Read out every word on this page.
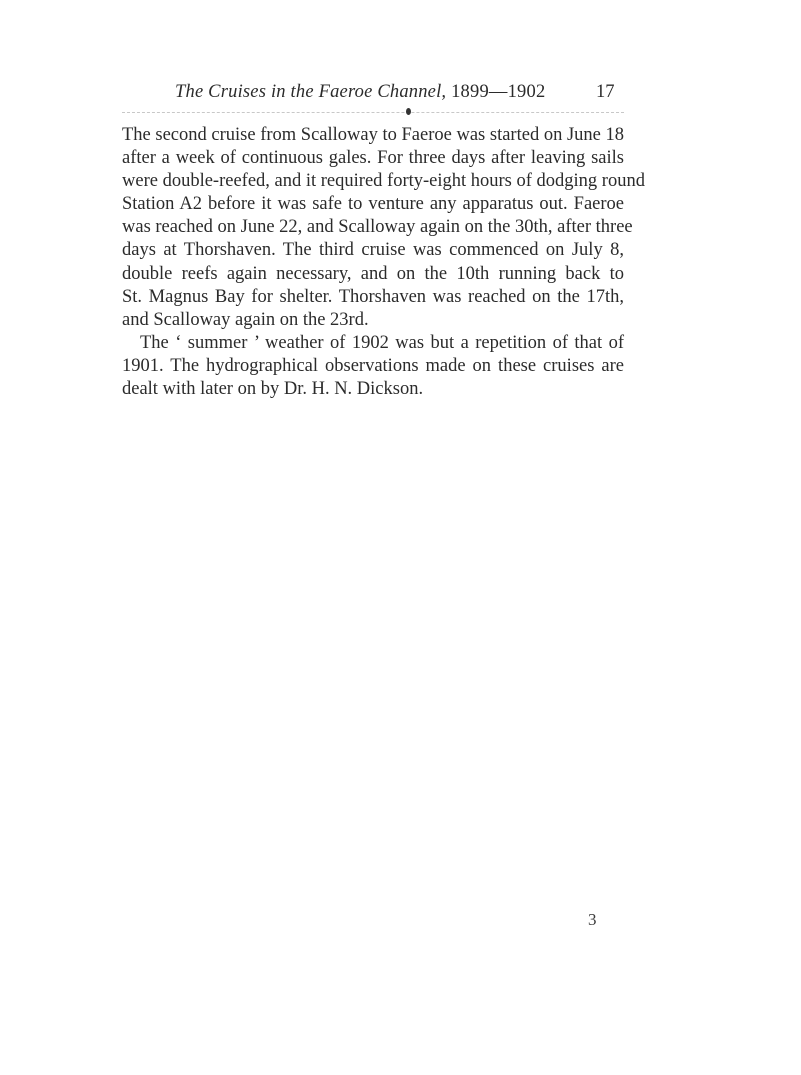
The Cruises in the Faeroe Channel, 1899—1902	17
The second cruise from Scalloway to Faeroe was started on June 18
after a week of continuous gales. For three days after leaving sails
were double-reefed, and it required forty-eight hours of dodging round
Station A2 before it was safe to venture any apparatus out. Faeroe
was reached on June 22, and Scalloway again on the 30th, after three
days at Thorshaven. The third cruise was commenced on July 8,
double reefs again necessary, and on the 10th running back to
St. Magnus Bay for shelter. Thorshaven was reached on the 17th,
and Scalloway again on the 23rd.
The ‘ summer ’ weather of 1902 was but a repetition of that of
1901. The hydrographical observations made on these cruises are
dealt with later on by Dr. H. N. Dickson.
3
